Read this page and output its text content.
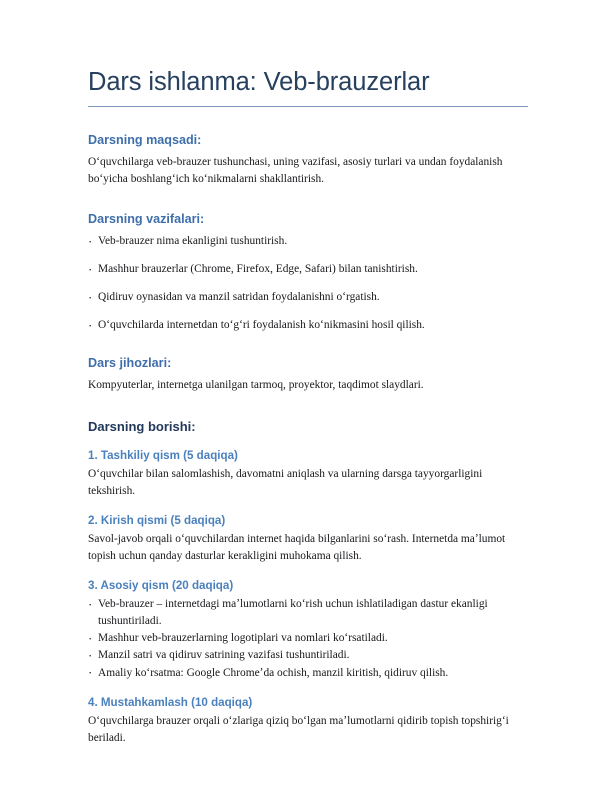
Dars ishlanma: Veb-brauzerlar
Darsning maqsadi:

Oʻquvchilarga veb-brauzer tushunchasi, uning vazifasi, asosiy turlari va undan foydalanish boʻyicha boshlangʻich koʻnikmalarni shakllantirish.

Darsning vazifalari:
· Veb-brauzer nima ekanligini tushuntirish.
· Mashhur brauzerlar (Chrome, Firefox, Edge, Safari) bilan tanishtirish.
· Qidiruv oynasidan va manzil satridan foydalanishni oʻrgatish.
· Oʻquvchilarda internetdan toʻgʻri foydalanish koʻnikmasini hosil qilish.
Dars jihozlari:

Kompyuterlar, internetga ulanilgan tarmoq, proyektor, taqdimot slaydlari.

Darsning borishi:
1. Tashkiliy qism (5 daqiqa)

Oʻquvchilar bilan salomlashish, davomatni aniqlash va ularning darsga tayyorgarligini tekshirish.

2. Kirish qismi (5 daqiqa)

Savol-javob orqali oʻquvchilardan internet haqida bilganlarini soʻrash. Internetda maʼlumot topish uchun qanday dasturlar kerakligini muhokama qilish.

3. Asosiy qism (20 daqiqa)
· Veb-brauzer – internetdagi maʼlumotlarni koʻrish uchun ishlatiladigan dastur ekanligi tushuntiriladi.
· Mashhur veb-brauzerlarning logotiplari va nomlari koʻrsatiladi.
· Manzil satri va qidiruv satrining vazifasi tushuntiriladi.
· Amaliy koʻrsatma: Google Chromeʼda ochish, manzil kiritish, qidiruv qilish.
4. Mustahkamlash (10 daqiqa)

Oʻquvchilarga brauzer orqali oʻzlariga qiziq boʻlgan maʼlumotlarni qidirib topish topshirigʻi beriladi.
